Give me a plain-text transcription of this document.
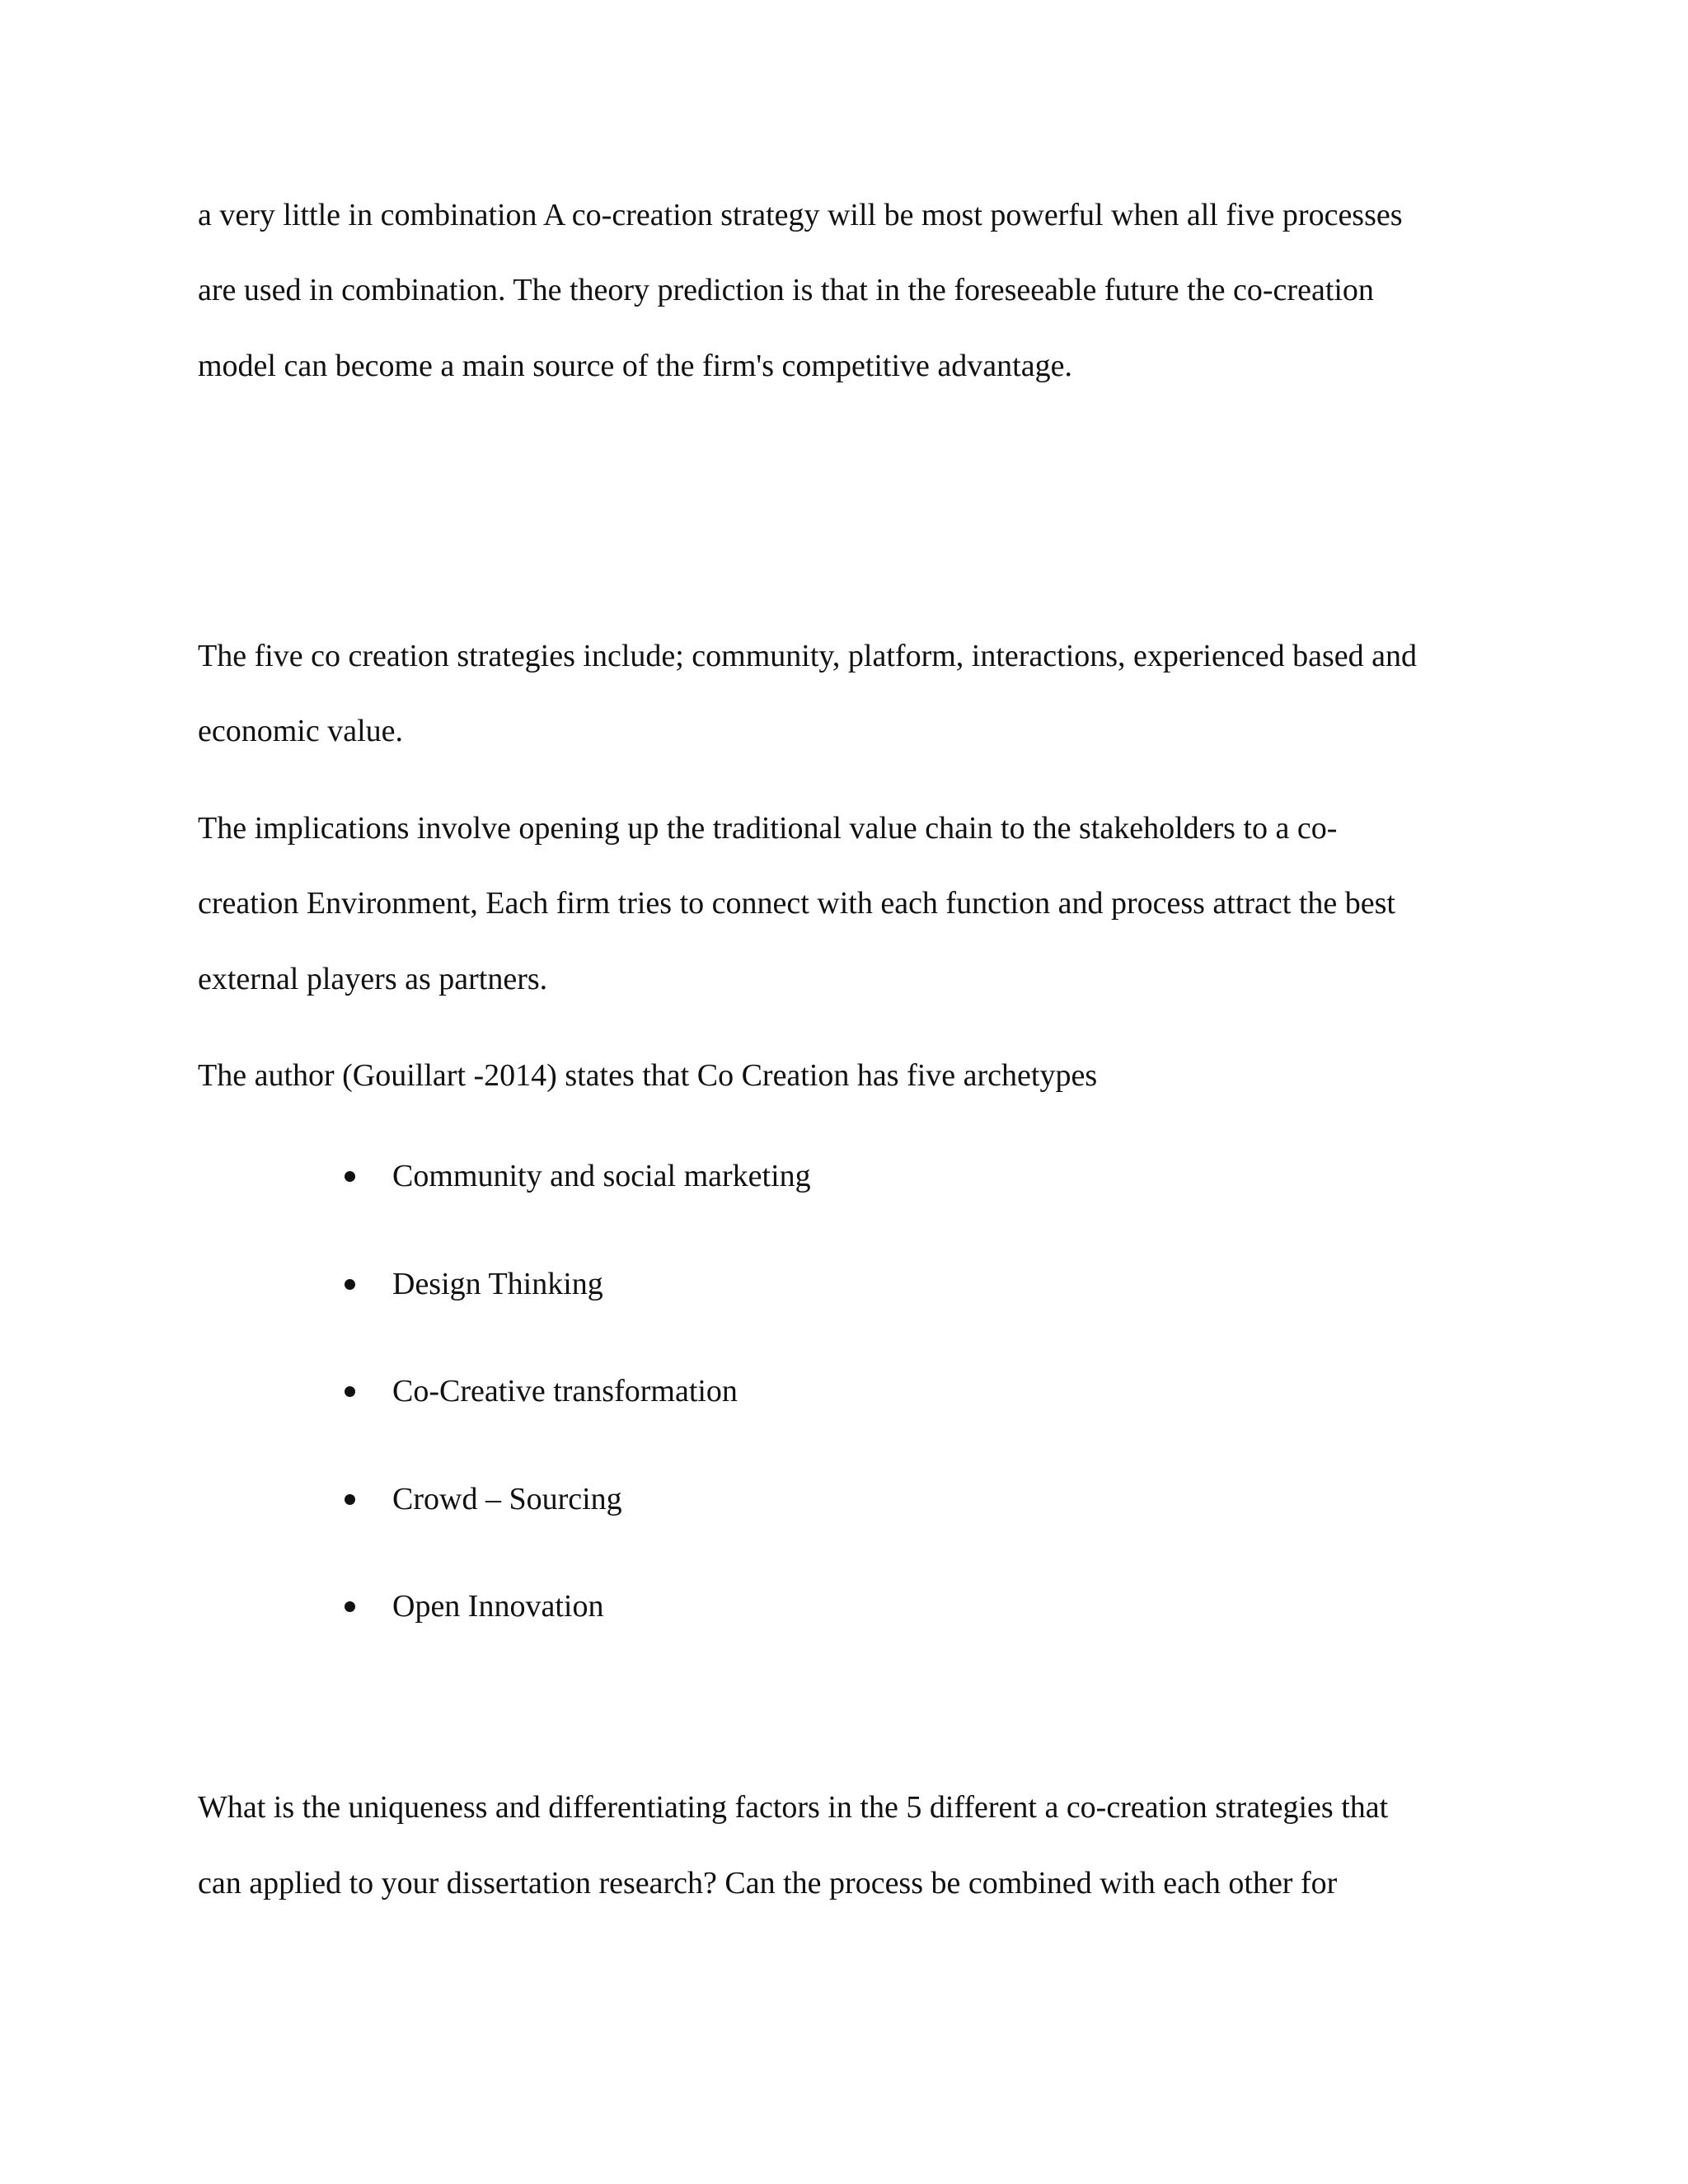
a very little in combination A co-creation strategy will be most powerful when all five processes

are used in combination. The theory prediction is that in the foreseeable future the co-creation

model can become a main source of the firm's competitive advantage.

The five co creation strategies include; community, platform, interactions, experienced based and

economic value.

The implications involve opening up the traditional value chain to the stakeholders to a co-

creation Environment, Each firm tries to connect with each function and process attract the best

external players as partners.

The author (Gouillart -2014) states that Co Creation has five archetypes

Community and social marketing
Design Thinking
Co-Creative transformation
Crowd – Sourcing
Open Innovation

What is the uniqueness and differentiating factors in the 5 different a co-creation strategies that

can applied to your dissertation research? Can the process be combined with each other for
